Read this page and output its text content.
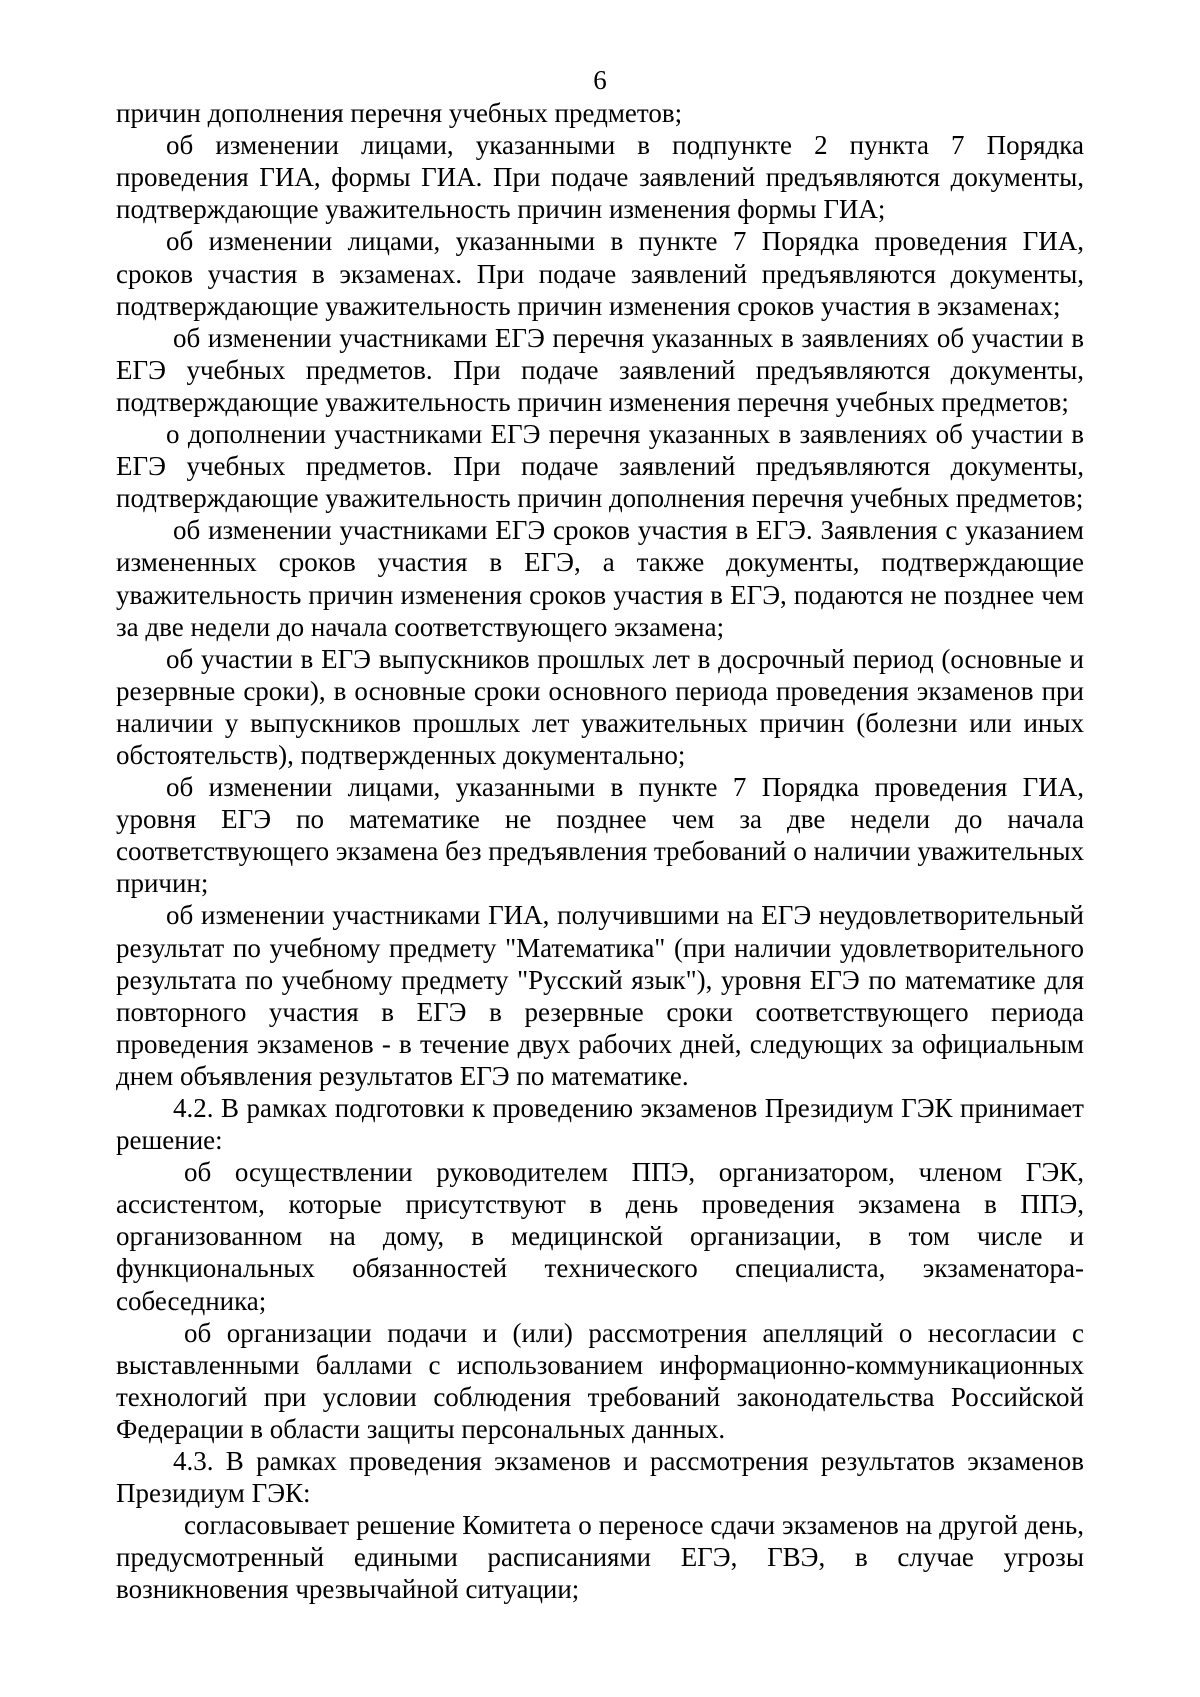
6

причин дополнения перечня учебных предметов;

об изменении лицами, указанными в подпункте 2 пункта 7 Порядка проведения ГИА, формы ГИА. При подаче заявлений предъявляются документы, подтверждающие уважительность причин изменения формы ГИА;

об изменении лицами, указанными в пункте 7 Порядка проведения ГИА, сроков участия в экзаменах. При подаче заявлений предъявляются документы, подтверждающие уважительность причин изменения сроков участия в экзаменах;

об изменении участниками ЕГЭ перечня указанных в заявлениях об участии в ЕГЭ учебных предметов. При подаче заявлений предъявляются документы, подтверждающие уважительность причин изменения перечня учебных предметов;

о дополнении участниками ЕГЭ перечня указанных в заявлениях об участии в ЕГЭ учебных предметов. При подаче заявлений предъявляются документы, подтверждающие уважительность причин дополнения перечня учебных предметов;

об изменении участниками ЕГЭ сроков участия в ЕГЭ. Заявления с указанием измененных сроков участия в ЕГЭ, а также документы, подтверждающие уважительность причин изменения сроков участия в ЕГЭ, подаются не позднее чем за две недели до начала соответствующего экзамена;

об участии в ЕГЭ выпускников прошлых лет в досрочный период (основные и резервные сроки), в основные сроки основного периода проведения экзаменов при наличии у выпускников прошлых лет уважительных причин (болезни или иных обстоятельств), подтвержденных документально;

об изменении лицами, указанными в пункте 7 Порядка проведения ГИА, уровня ЕГЭ по математике не позднее чем за две недели до начала соответствующего экзамена без предъявления требований о наличии уважительных причин;

об изменении участниками ГИА, получившими на ЕГЭ неудовлетворительный результат по учебному предмету "Математика" (при наличии удовлетворительного результата по учебному предмету "Русский язык"), уровня ЕГЭ по математике для повторного участия в ЕГЭ в резервные сроки соответствующего периода проведения экзаменов - в течение двух рабочих дней, следующих за официальным днем объявления результатов ЕГЭ по математике.

4.2. В рамках подготовки к проведению экзаменов Президиум ГЭК принимает решение:

об осуществлении руководителем ППЭ, организатором, членом ГЭК, ассистентом, которые присутствуют в день проведения экзамена в ППЭ, организованном на дому, в медицинской организации, в том числе и функциональных обязанностей технического специалиста, экзаменатора-собеседника;

об организации подачи и (или) рассмотрения апелляций о несогласии с выставленными баллами с использованием информационно-коммуникационных технологий при условии соблюдения требований законодательства Российской Федерации в области защиты персональных данных.

4.3. В рамках проведения экзаменов и рассмотрения результатов экзаменов Президиум ГЭК:

согласовывает решение Комитета о переносе сдачи экзаменов на другой день, предусмотренный едиными расписаниями ЕГЭ, ГВЭ, в случае угрозы возникновения чрезвычайной ситуации;
